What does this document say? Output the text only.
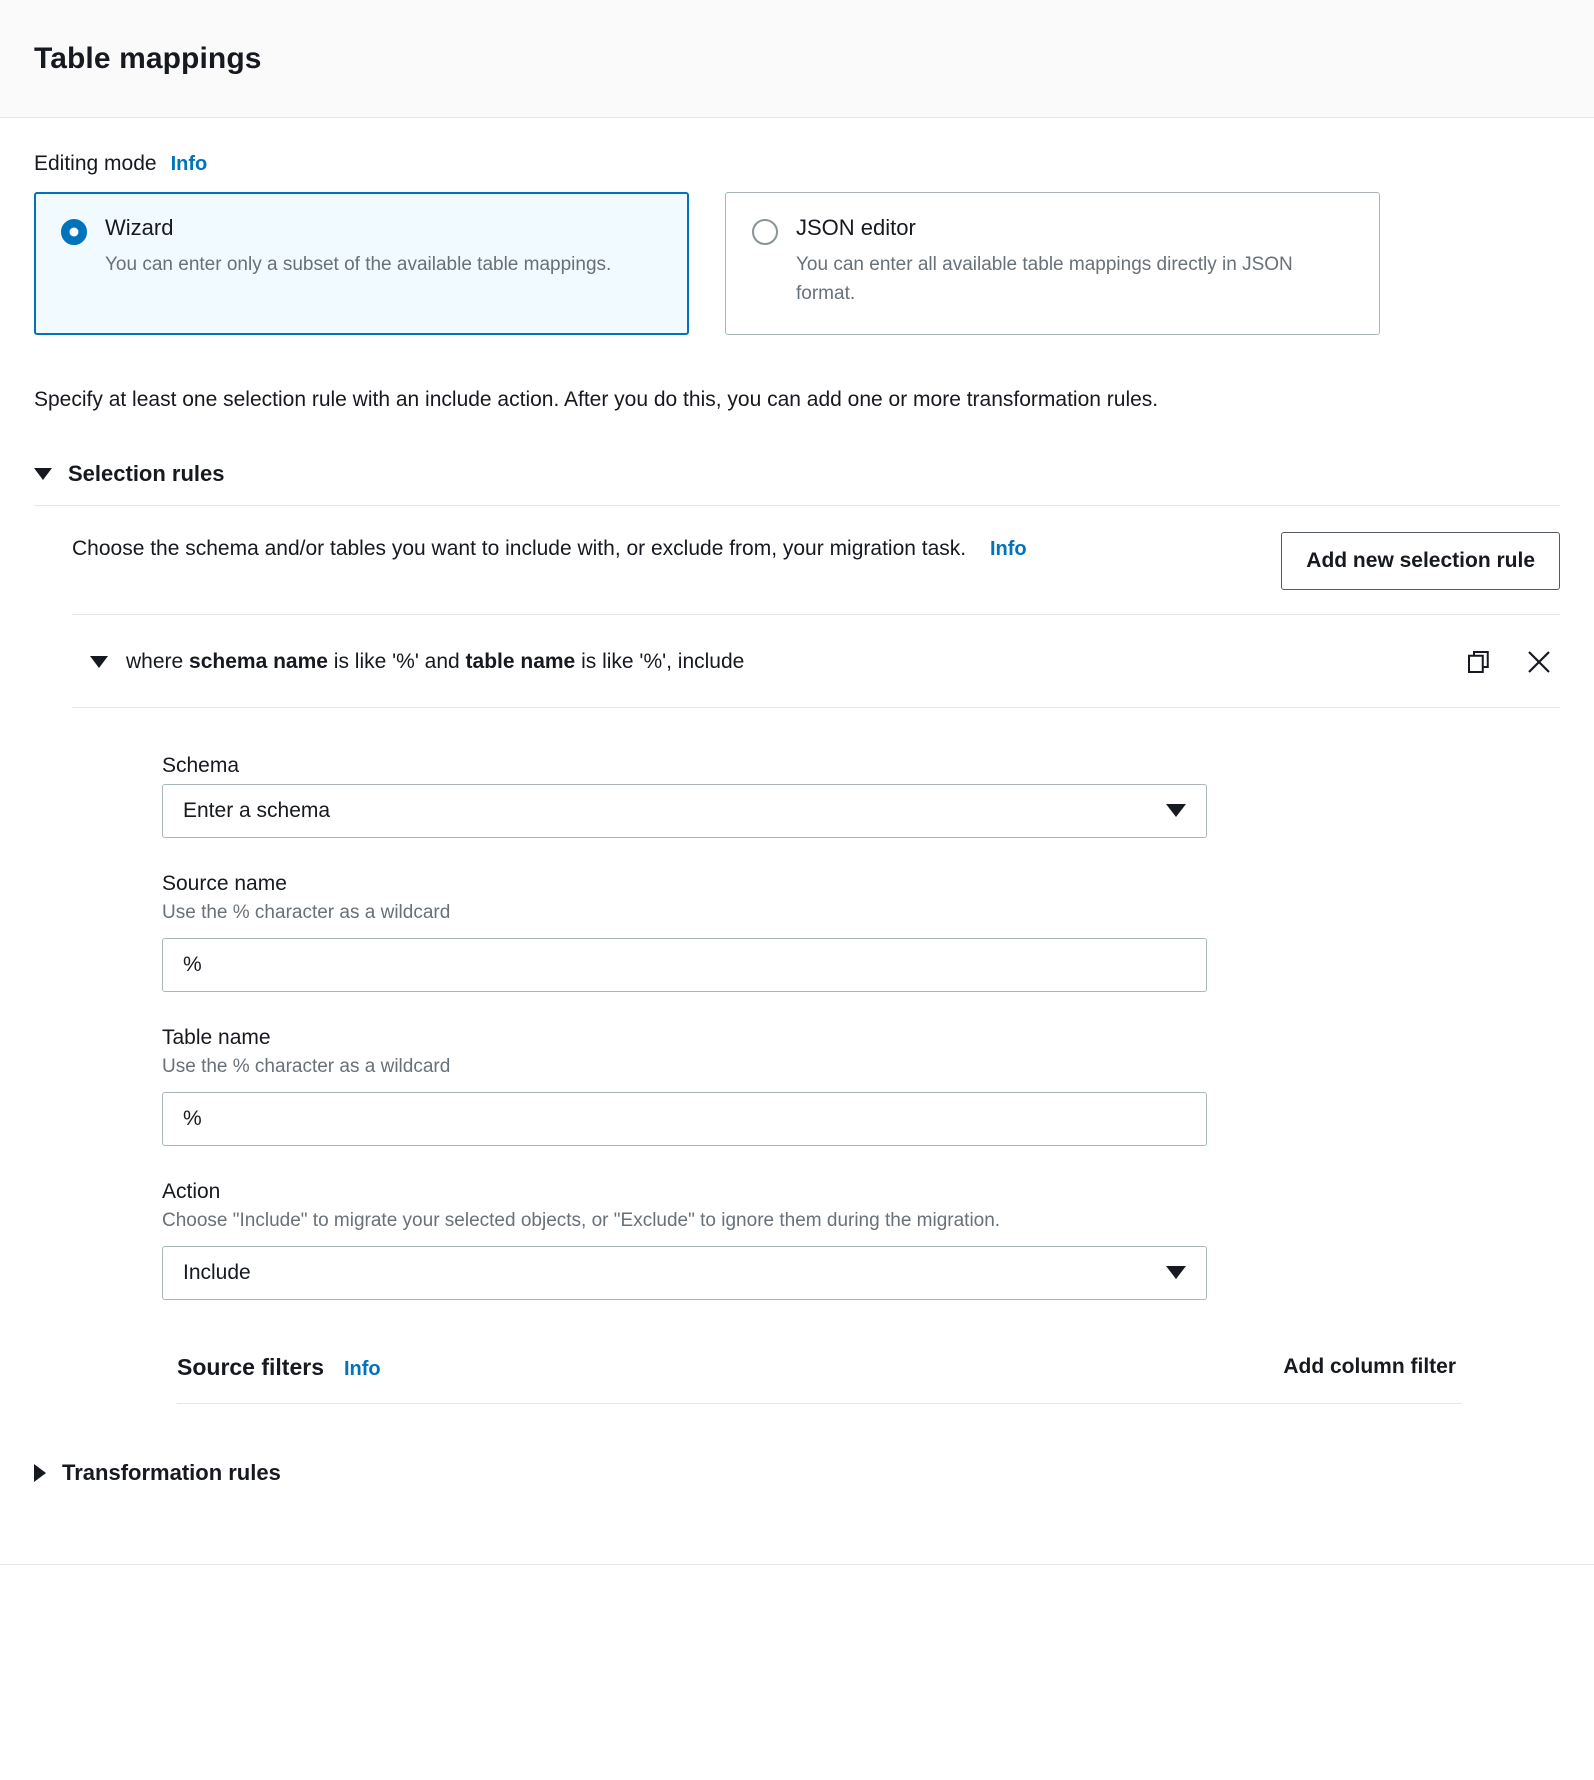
Table mappings
Editing mode Info
Wizard
You can enter only a subset of the available table mappings.
JSON editor
You can enter all available table mappings directly in JSON format.
Specify at least one selection rule with an include action. After you do this, you can add one or more transformation rules.
Selection rules
Choose the schema and/or tables you want to include with, or exclude from, your migration task. Info	Add new selection rule
where schema name is like '%' and table name is like '%', include
Schema
Enter a schema
Source name
Use the % character as a wildcard
%
Table name
Use the % character as a wildcard
%
Action
Choose "Include" to migrate your selected objects, or "Exclude" to ignore them during the migration.
Include
Source filters Info	Add column filter
Transformation rules
